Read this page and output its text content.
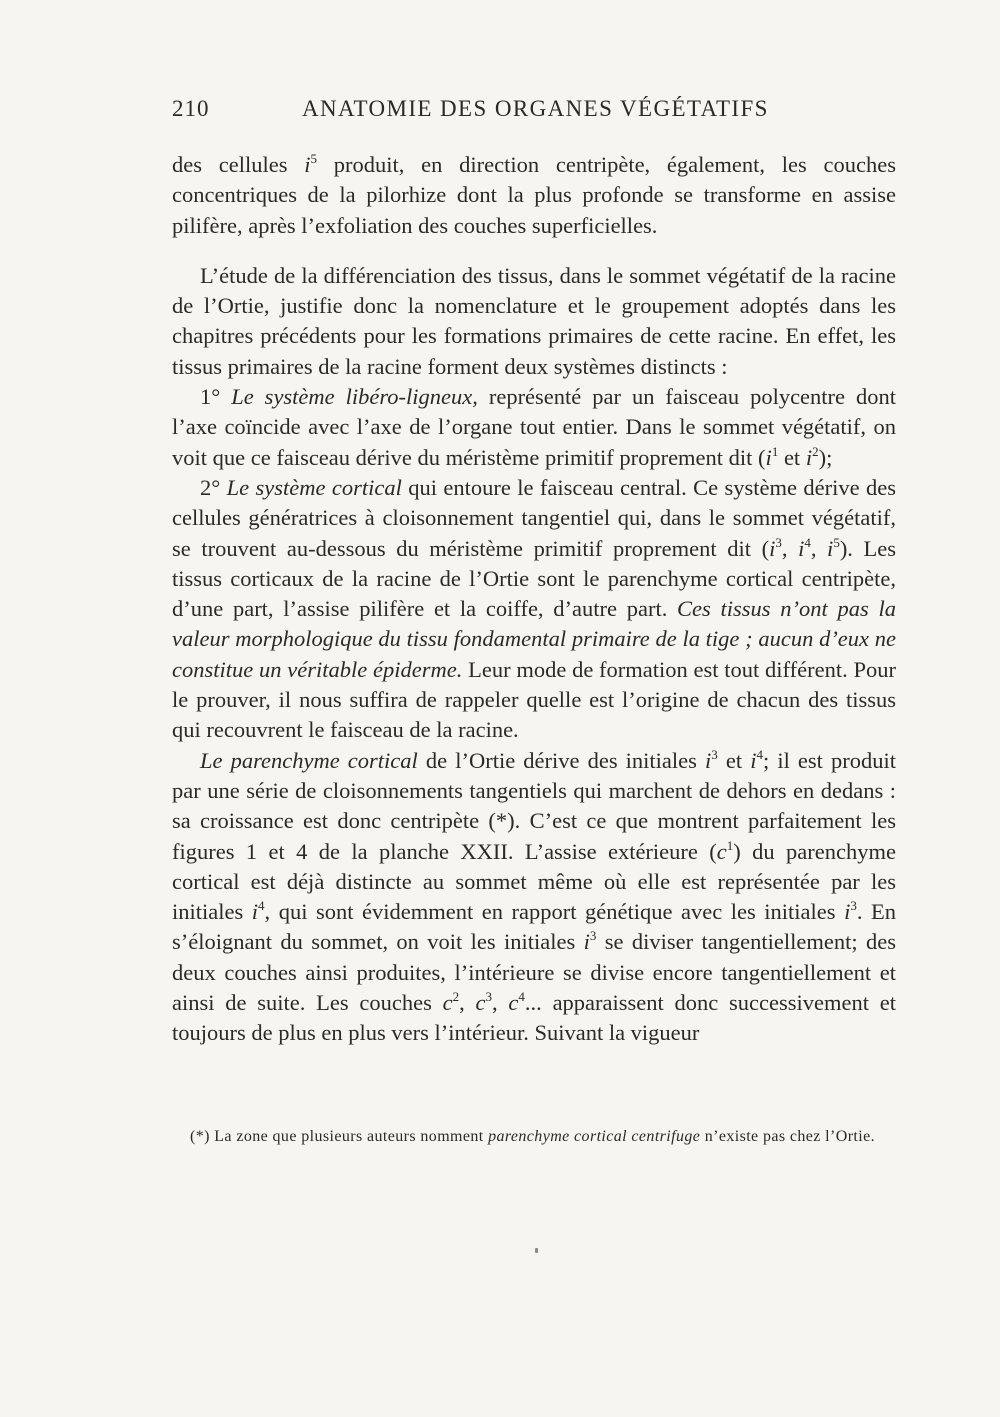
210	ANATOMIE DES ORGANES VÉGÉTATIFS

des cellules $i^5$ produit, en direction centripète, également, les couches concentriques de la pilorhize dont la plus profonde se transforme en assise pilifère, après l’exfoliation des couches superficielles.

L’étude de la différenciation des tissus, dans le sommet végétatif de la racine de l’Ortie, justifie donc la nomenclature et le groupement adoptés dans les chapitres précédents pour les formations primaires de cette racine. En effet, les tissus primaires de la racine forment deux systèmes distincts :

1° Le système libéro-ligneux, représenté par un faisceau polycentre dont l’axe coïncide avec l’axe de l’organe tout entier. Dans le sommet végétatif, on voit que ce faisceau dérive du méristème primitif proprement dit ($i^1$ et $i^2$);

2° Le système cortical qui entoure le faisceau central. Ce système dérive des cellules génératrices à cloisonnement tangentiel qui, dans le sommet végétatif, se trouvent au-dessous du méristème primitif proprement dit ($i^3$, $i^4$, $i^5$). Les tissus corticaux de la racine de l’Ortie sont le parenchyme cortical centripète, d’une part, l’assise pilifère et la coiffe, d’autre part. Ces tissus n’ont pas la valeur morphologique du tissu fondamental primaire de la tige ; aucun d’eux ne constitue un véritable épiderme. Leur mode de formation est tout différent. Pour le prouver, il nous suffira de rappeler quelle est l’origine de chacun des tissus qui recouvrent le faisceau de la racine.

Le parenchyme cortical de l’Ortie dérive des initiales $i^3$ et $i^4$; il est produit par une série de cloisonnements tangentiels qui marchent de dehors en dedans : sa croissance est donc centripète (*). C’est ce que montrent parfaitement les figures 1 et 4 de la planche XXII. L’assise extérieure $(c^1)$ du parenchyme cortical est déjà distincte au sommet même où elle est représentée par les initiales $i^4$, qui sont évidemment en rapport génétique avec les initiales $i^3$. En s’éloignant du sommet, on voit les initiales $i^3$ se diviser tangentiellement; des deux couches ainsi produites, l’intérieure se divise encore tangentiellement et ainsi de suite. Les couches $c^2$, $c^3$, $c^4$... apparaissent donc successivement et toujours de plus en plus vers l’intérieur. Suivant la vigueur

(*) La zone que plusieurs auteurs nomment parenchyme cortical centrifuge n’existe pas chez l’Ortie.
